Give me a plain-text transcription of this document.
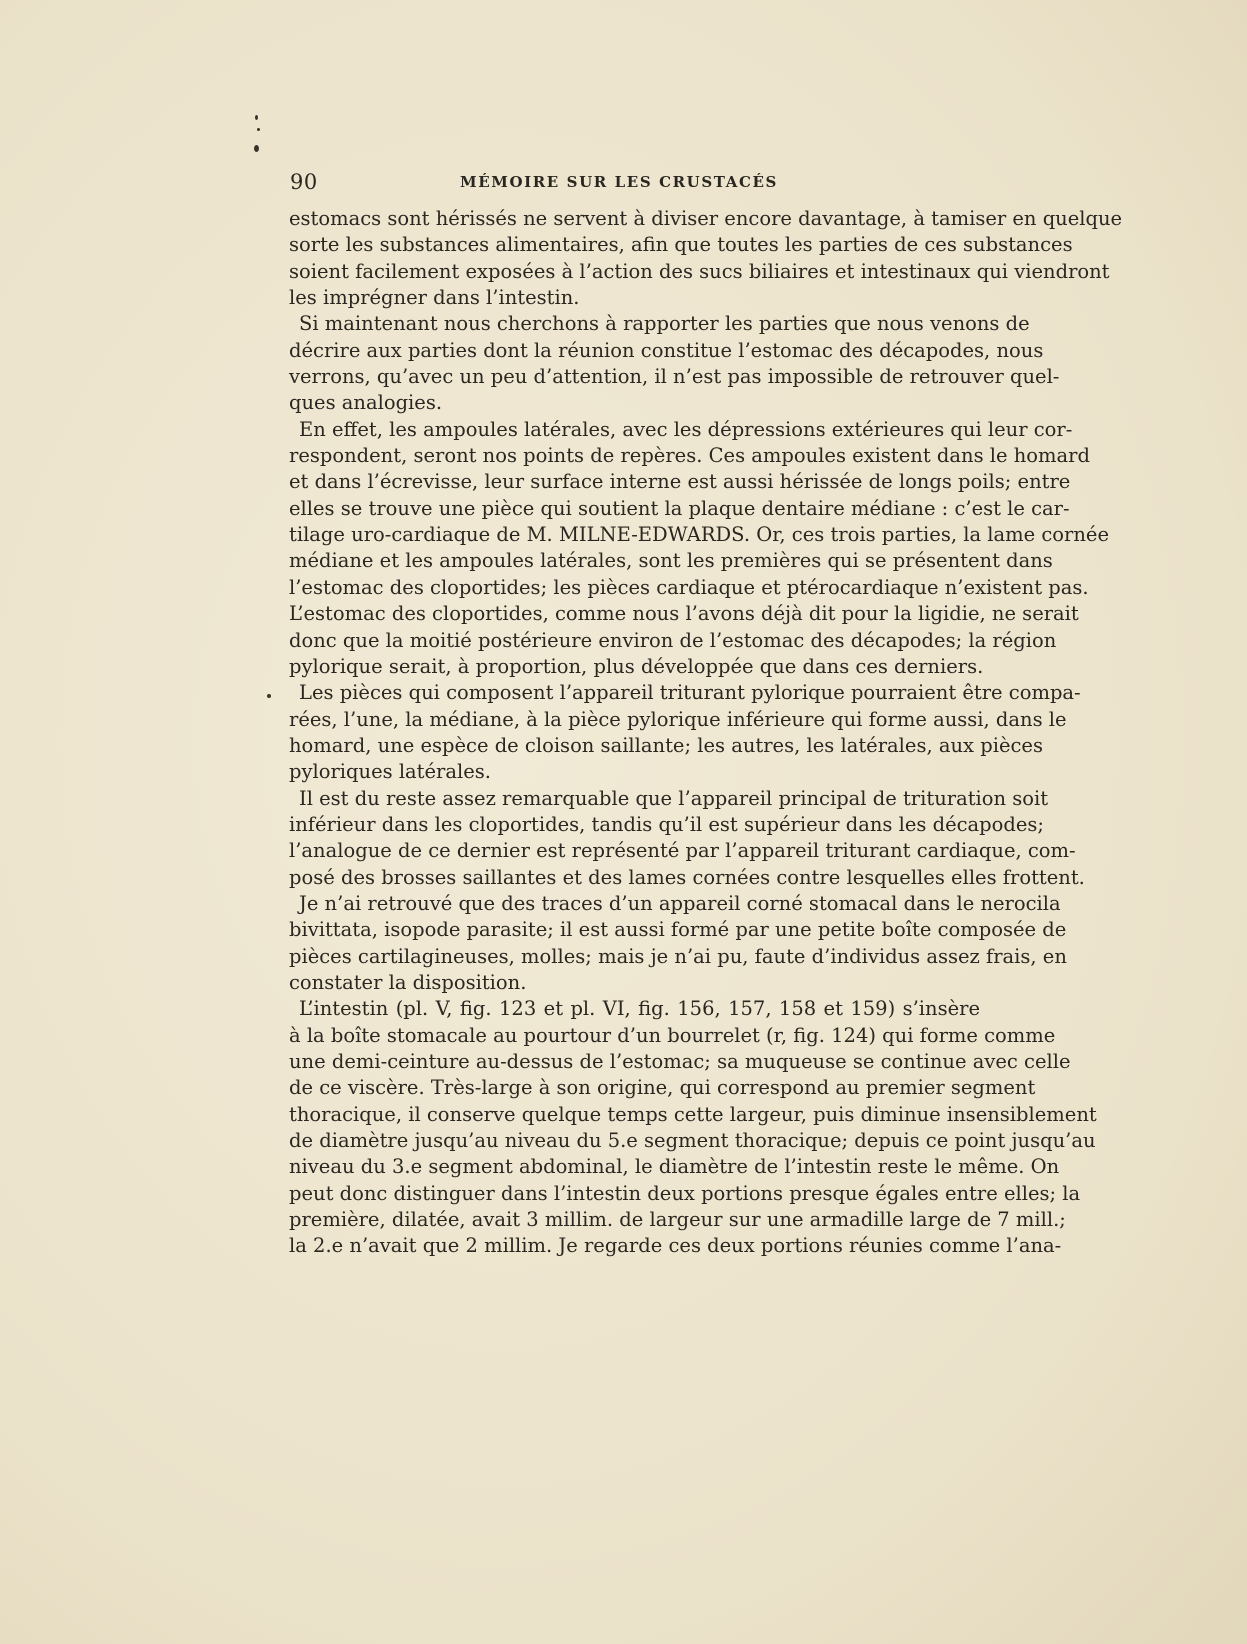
90	MÉMOIRE SUR LES CRUSTACÉS
estomacs sont hérissés ne servent à diviser encore davantage, à tamiser en quelque
sorte les substances alimentaires, afin que toutes les parties de ces substances
soient facilement exposées à l’action des sucs biliaires et intestinaux qui viendront
les imprégner dans l’intestin.
Si maintenant nous cherchons à rapporter les parties que nous venons de
décrire aux parties dont la réunion constitue l’estomac des décapodes, nous
verrons, qu’avec un peu d’attention, il n’est pas impossible de retrouver quel-
ques analogies.
En effet, les ampoules latérales, avec les dépressions extérieures qui leur cor-
respondent, seront nos points de repères. Ces ampoules existent dans le homard
et dans l’écrevisse, leur surface interne est aussi hérissée de longs poils; entre
elles se trouve une pièce qui soutient la plaque dentaire médiane : c’est le car-
tilage uro-cardiaque de M. MILNE-EDWARDS. Or, ces trois parties, la lame cornée
médiane et les ampoules latérales, sont les premières qui se présentent dans
l’estomac des cloportides; les pièces cardiaque et ptérocardiaque n’existent pas.
L’estomac des cloportides, comme nous l’avons déjà dit pour la ligidie, ne serait
donc que la moitié postérieure environ de l’estomac des décapodes; la région
pylorique serait, à proportion, plus développée que dans ces derniers.
Les pièces qui composent l’appareil triturant pylorique pourraient être compa-
rées, l’une, la médiane, à la pièce pylorique inférieure qui forme aussi, dans le
homard, une espèce de cloison saillante; les autres, les latérales, aux pièces
pyloriques latérales.
Il est du reste assez remarquable que l’appareil principal de trituration soit
inférieur dans les cloportides, tandis qu’il est supérieur dans les décapodes;
l’analogue de ce dernier est représenté par l’appareil triturant cardiaque, com-
posé des brosses saillantes et des lames cornées contre lesquelles elles frottent.
Je n’ai retrouvé que des traces d’un appareil corné stomacal dans le nerocila
bivittata, isopode parasite; il est aussi formé par une petite boîte composée de
pièces cartilagineuses, molles; mais je n’ai pu, faute d’individus assez frais, en
constater la disposition.
L’intestin (pl. V, fig. 123 et pl. VI, fig. 156, 157, 158 et 159) s’insère
à la boîte stomacale au pourtour d’un bourrelet (r, fig. 124) qui forme comme
une demi-ceinture au-dessus de l’estomac; sa muqueuse se continue avec celle
de ce viscère. Très-large à son origine, qui correspond au premier segment
thoracique, il conserve quelque temps cette largeur, puis diminue insensiblement
de diamètre jusqu’au niveau du 5.e segment thoracique; depuis ce point jusqu’au
niveau du 3.e segment abdominal, le diamètre de l’intestin reste le même. On
peut donc distinguer dans l’intestin deux portions presque égales entre elles; la
première, dilatée, avait 3 millim. de largeur sur une armadille large de 7 mill.;
la 2.e n’avait que 2 millim. Je regarde ces deux portions réunies comme l’ana-
